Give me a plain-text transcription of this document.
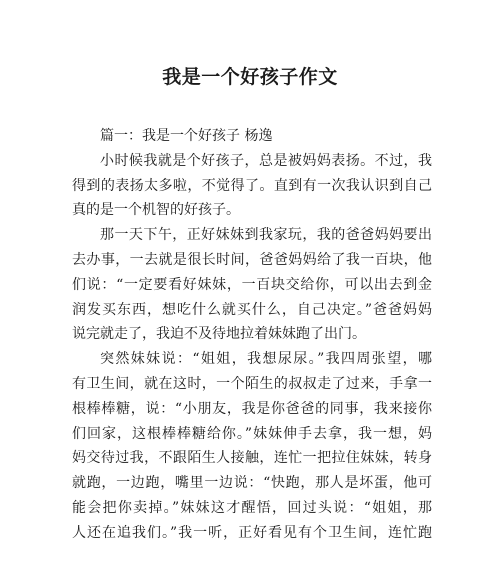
我是一个好孩子作文

篇一：我是一个好孩子 杨逸

小时候我就是个好孩子，总是被妈妈表扬。不过，我

得到的表扬太多啦，不觉得了。直到有一次我认识到自己

真的是一个机智的好孩子。

那一天下午，正好妹妹到我家玩，我的爸爸妈妈要出

去办事，一去就是很长时间，爸爸妈妈给了我一百块，他

们说：“一定要看好妹妹，一百块交给你，可以出去到金

润发买东西，想吃什么就买什么，自己决定。”爸爸妈妈

说完就走了，我迫不及待地拉着妹妹跑了出门。

突然妹妹说：“姐姐，我想尿尿。”我四周张望，哪

有卫生间，就在这时，一个陌生的叔叔走了过来，手拿一

根棒棒糖，说：“小朋友，我是你爸爸的同事，我来接你

们回家，这根棒棒糖给你。”妹妹伸手去拿，我一想，妈

妈交待过我，不跟陌生人接触，连忙一把拉住妹妹，转身

就跑，一边跑，嘴里一边说：“快跑，那人是坏蛋，他可

能会把你卖掉。”妹妹这才醒悟，回过头说：“姐姐，那

人还在追我们。”我一听，正好看见有个卫生间，连忙跑
